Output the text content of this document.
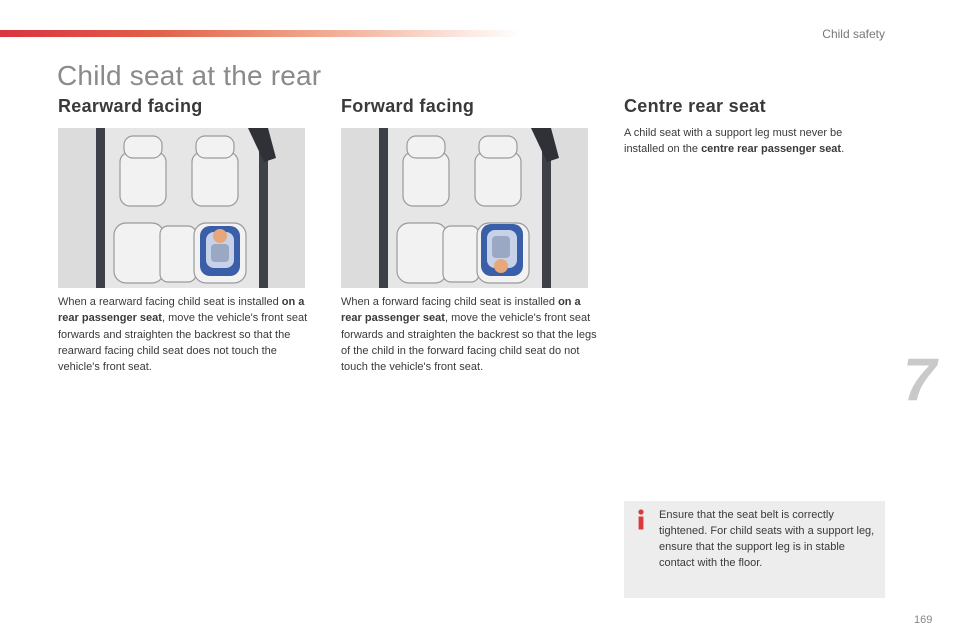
Child safety
Child seat at the rear
Rearward facing
When a rearward facing child seat is installed on a rear passenger seat, move the vehicle's front seat forwards and straighten the backrest so that the rearward facing child seat does not touch the vehicle's front seat.
Forward facing
When a forward facing child seat is installed on a rear passenger seat, move the vehicle's front seat forwards and straighten the backrest so that the legs of the child in the forward facing child seat do not touch the vehicle's front seat.
Centre rear seat
A child seat with a support leg must never be installed on the centre rear passenger seat.
7
Ensure that the seat belt is correctly tightened. For child seats with a support leg, ensure that the support leg is in stable contact with the floor.
169
